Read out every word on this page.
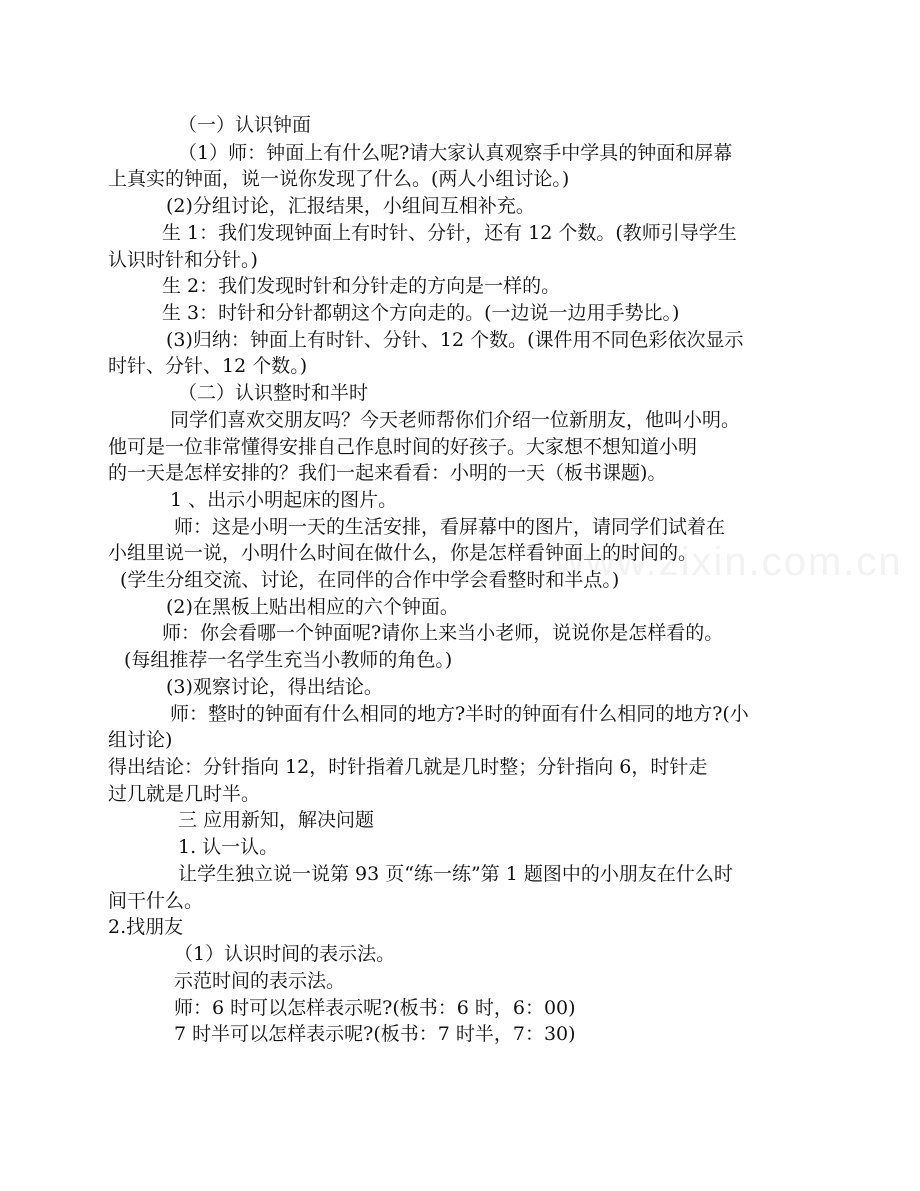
www.zixin.com.cn
（一）认识钟面
（1）师：钟面上有什么呢?请大家认真观察手中学具的钟面和屏幕
上真实的钟面，说一说你发现了什么。(两人小组讨论。)
(2)分组讨论，汇报结果，小组间互相补充。
生 1：我们发现钟面上有时针、分针，还有 12 个数。(教师引导学生
认识时针和分针。)
生 2：我们发现时针和分针走的方向是一样的。
生 3：时针和分针都朝这个方向走的。(一边说一边用手势比。)
(3)归纳：钟面上有时针、分针、12 个数。(课件用不同色彩依次显示
时针、分针、12 个数。)
（二）认识整时和半时
同学们喜欢交朋友吗？今天老师帮你们介绍一位新朋友，他叫小明。
他可是一位非常懂得安排自己作息时间的好孩子。大家想不想知道小明
的一天是怎样安排的？我们一起来看看：小明的一天（板书课题)。
1 、出示小明起床的图片。
师：这是小明一天的生活安排，看屏幕中的图片，请同学们试着在
小组里说一说，小明什么时间在做什么，你是怎样看钟面上的时间的。
(学生分组交流、讨论，在同伴的合作中学会看整时和半点。)
(2)在黑板上贴出相应的六个钟面。
师：你会看哪一个钟面呢?请你上来当小老师，说说你是怎样看的。
(每组推荐一名学生充当小教师的角色。)
(3)观察讨论，得出结论。
师：整时的钟面有什么相同的地方?半时的钟面有什么相同的地方?(小
组讨论)
得出结论：分针指向 12，时针指着几就是几时整；分针指向 6，时针走
过几就是几时半。
三 应用新知，解决问题
1. 认一认。
让学生独立说一说第 93 页“练一练”第 1 题图中的小朋友在什么时
间干什么。
2.找朋友
（1）认识时间的表示法。
示范时间的表示法。
师：6 时可以怎样表示呢?(板书：6 时，6：00)
7 时半可以怎样表示呢?(板书：7 时半，7：30)
